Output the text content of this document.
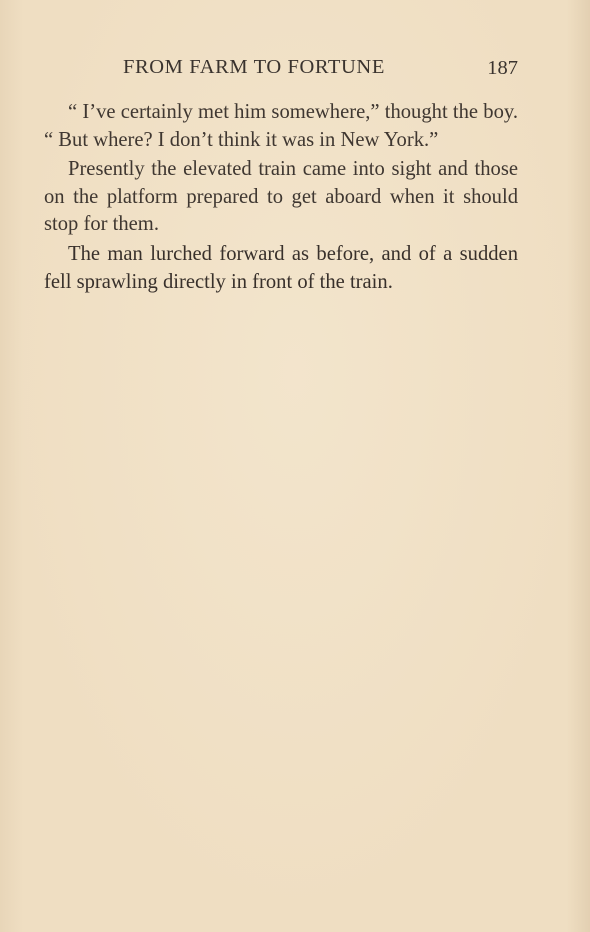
FROM FARM TO FORTUNE	187

“ I’ve certainly met him somewhere,” thought the boy. “ But where? I don’t think it was in New York.”

Presently the elevated train came into sight and those on the platform prepared to get aboard when it should stop for them.

The man lurched forward as before, and of a sudden fell sprawling directly in front of the train.
